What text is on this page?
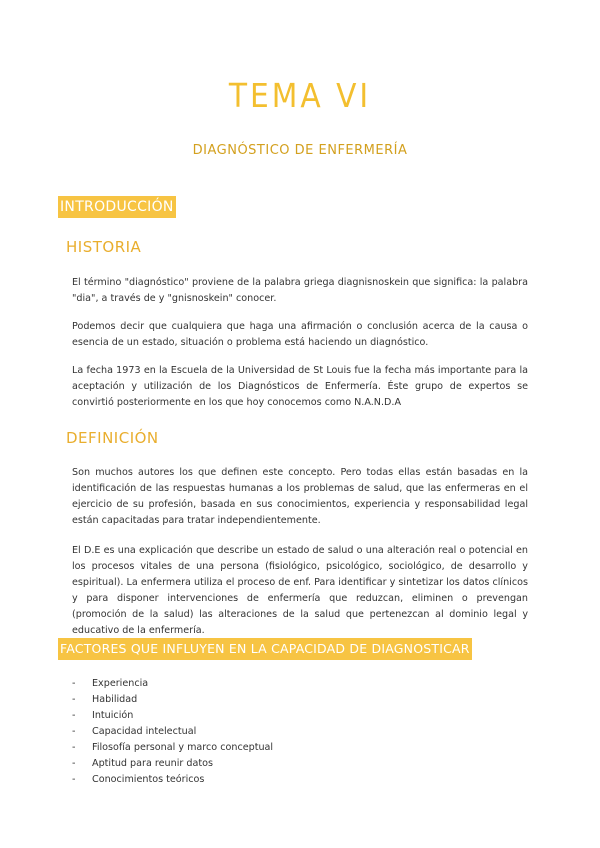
TEMA VI
DIAGNÓSTICO DE ENFERMERÍA
INTRODUCCIÓN
HISTORIA

El término "diagnóstico" proviene de la palabra griega diagnisnoskein que significa: la palabra "dia", a través de y "gnisnoskein" conocer.

Podemos decir que cualquiera que haga una afirmación o conclusión acerca de la causa o esencia de un estado, situación o problema está haciendo un diagnóstico.

La fecha 1973 en la Escuela de la Universidad de St Louis fue la fecha más importante para la aceptación y utilización de los Diagnósticos de Enfermería. Éste grupo de expertos se convirtió posteriormente en los que hoy conocemos como N.A.N.D.A

DEFINICIÓN

Son muchos autores los que definen este concepto. Pero todas ellas están basadas en la identificación de las respuestas humanas a los problemas de salud, que las enfermeras en el ejercicio de su profesión, basada en sus conocimientos, experiencia y responsabilidad legal están capacitadas para tratar independientemente.

El D.E es una explicación que describe un estado de salud o una alteración real o potencial en los procesos vitales de una persona (fisiológico, psicológico, sociológico, de desarrollo y espiritual). La enfermera utiliza el proceso de enf. Para identificar y sintetizar los datos clínicos y para disponer intervenciones de enfermería que reduzcan, eliminen o prevengan (promoción de la salud) las alteraciones de la salud que pertenezcan al dominio legal y educativo de la enfermería.

FACTORES QUE INFLUYEN EN LA CAPACIDAD DE DIAGNOSTICAR
- Experiencia
- Habilidad
- Intuición
- Capacidad intelectual
- Filosofía personal y marco conceptual
- Aptitud para reunir datos
- Conocimientos teóricos
